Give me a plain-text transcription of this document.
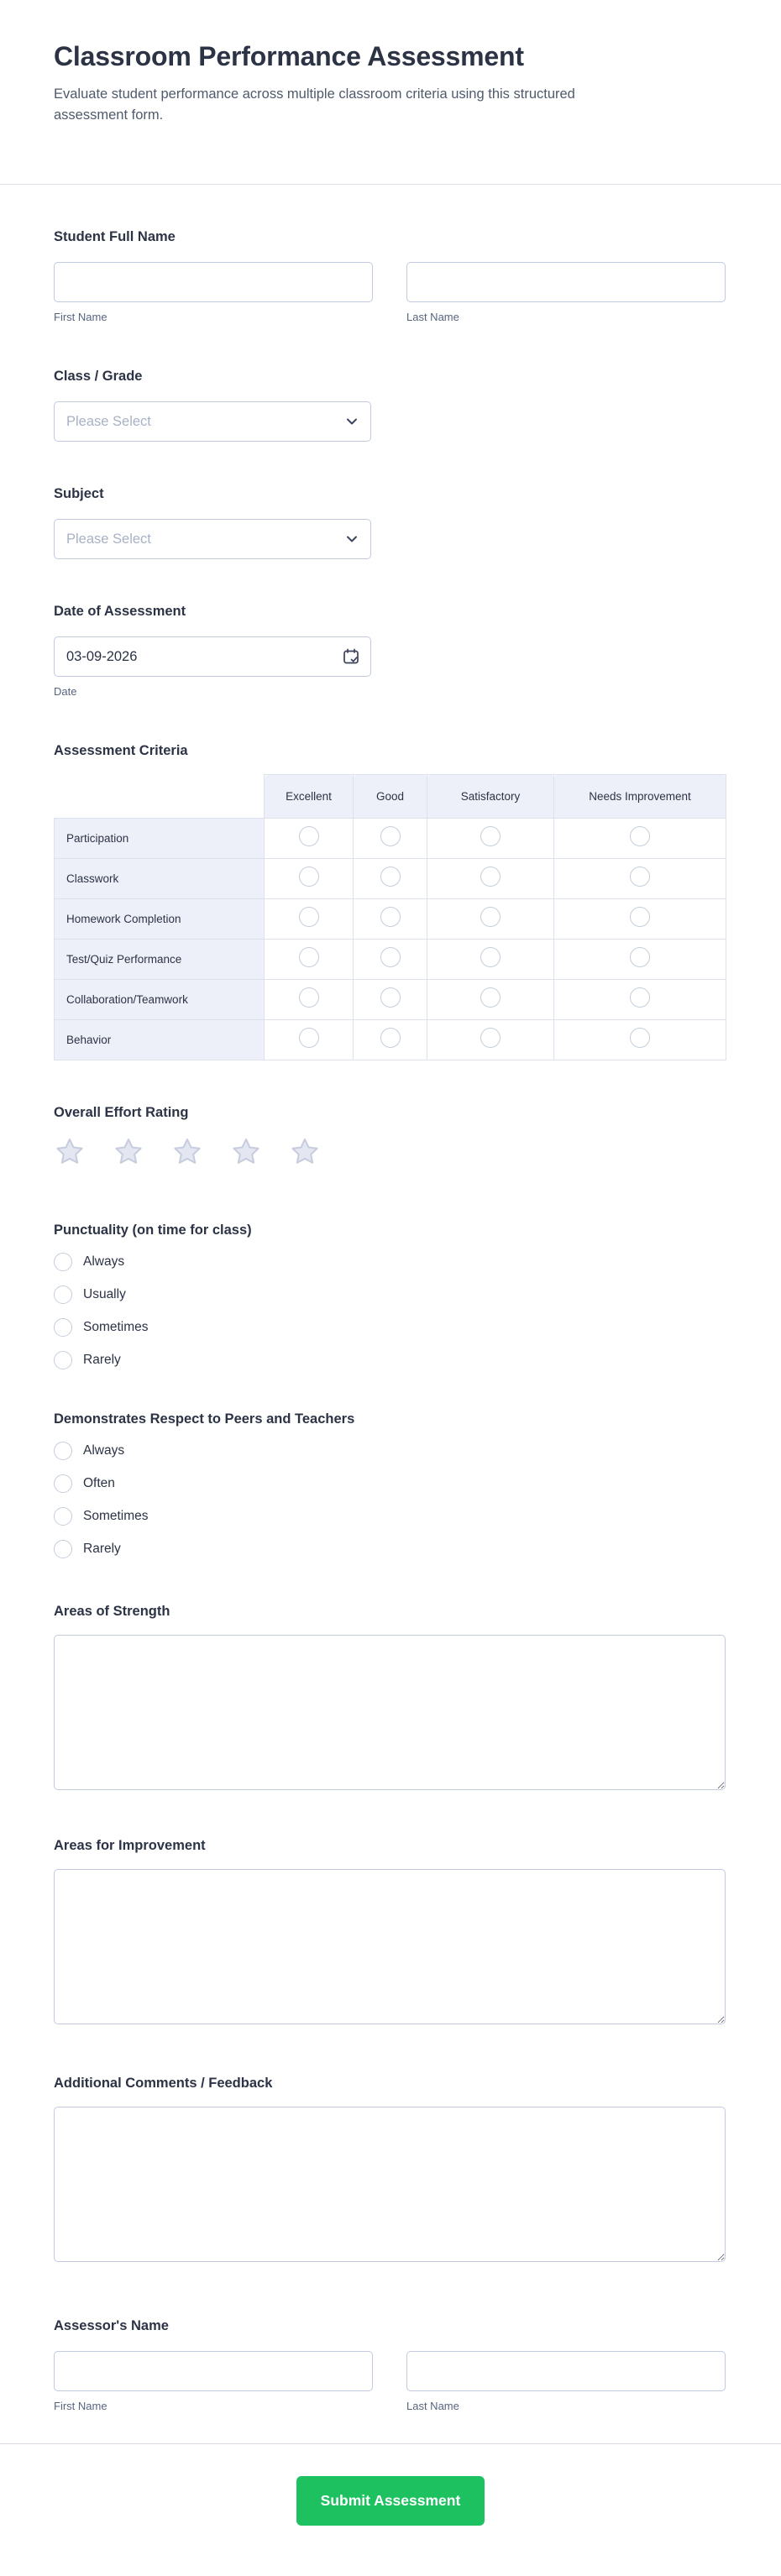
Classroom Performance Assessment

Evaluate student performance across multiple classroom criteria using this structured assessment form.

Student Full Name
First Name	Last Name
Class / Grade
Please Select
Subject
Please Select
Date of Assessment
03-09-2026
Date
Assessment Criteria
	Excellent	Good	Satisfactory	Needs Improvement
Participation				
Classwork				
Homework Completion				
Test/Quiz Performance				
Collaboration/Teamwork				
Behavior				
Overall Effort Rating
Punctuality (on time for class)
Always
Usually
Sometimes
Rarely
Demonstrates Respect to Peers and Teachers
Always
Often
Sometimes
Rarely
Areas of Strength
Areas for Improvement
Additional Comments / Feedback
Assessor's Name
First Name	Last Name
Submit Assessment
